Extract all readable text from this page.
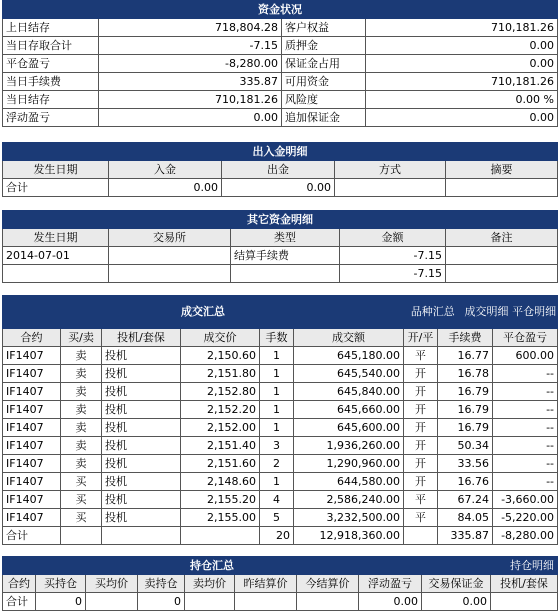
资金状况			
上日结存	718,804.28	客户权益	710,181.26
当日存取合计	-7.15	质押金	0.00
平仓盈亏	-8,280.00	保证金占用	0.00
当日手续费	335.87	可用资金	710,181.26
当日结存	710,181.26	风险度	0.00 %
浮动盈亏	0.00	追加保证金	0.00
出入金明细				
发生日期	入金	出金	方式	摘要
合计	0.00	0.00		
其它资金明细				
发生日期	交易所	类型	金额	备注
2014-07-01		结算手续费	-7.15	
			-7.15	
成交汇总						品种汇总 成交明细 平仓明细		

合约	买/卖	投机/套保	成交价	手数	成交额	开/平	手续费	平仓盈亏
IF1407	卖	投机	2,150.60	1	645,180.00	平	16.77	600.00
IF1407	卖	投机	2,151.80	1	645,540.00	开	16.78	--
IF1407	卖	投机	2,152.80	1	645,840.00	开	16.79	--
IF1407	卖	投机	2,152.20	1	645,660.00	开	16.79	--
IF1407	卖	投机	2,152.00	1	645,600.00	开	16.79	--
IF1407	卖	投机	2,151.40	3	1,936,260.00	开	50.34	--
IF1407	卖	投机	2,151.60	2	1,290,960.00	开	33.56	--
IF1407	买	投机	2,148.60	1	644,580.00	开	16.76	--
IF1407	买	投机	2,155.20	4	2,586,240.00	平	67.24	-3,660.00
IF1407	买	投机	2,155.00	5	3,232,500.00	平	84.05	-5,220.00
合计				20	12,918,360.00		335.87	-8,280.00
持仓汇总								持仓明细	
合约	买持仓	买均价	卖持仓	卖均价	昨结算价	今结算价	浮动盈亏	交易保证金	投机/套保
合计	0		0				0.00	0.00	
